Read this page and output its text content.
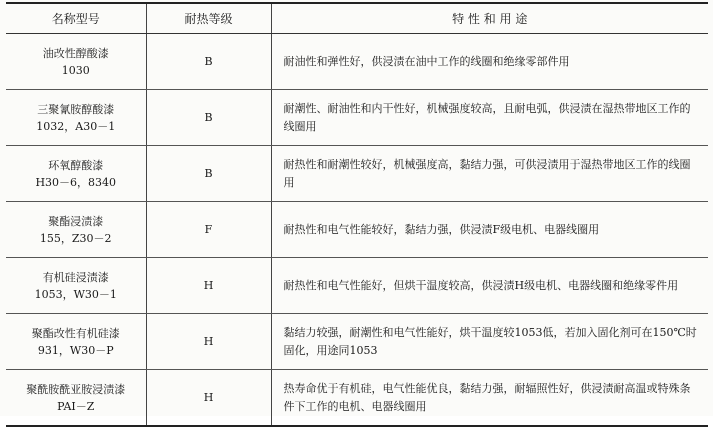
名称型号	耐热等级	特 性 和 用 途

油改性醇酸漆
1030	B	耐油性和弹性好，供浸渍在油中工作的线圈和绝缘零部件用

三聚氰胺醇酸漆
1032，A30－1	B	耐潮性、耐油性和内干性好，机械强度较高，且耐电弧，供浸渍在湿热带地区工作的线圈用

环氧醇酸漆
H30－6，8340	B	耐热性和耐潮性较好，机械强度高，黏结力强，可供浸渍用于湿热带地区工作的线圈用

聚酯浸渍漆
155，Z30－2	F	耐热性和电气性能较好，黏结力强，供浸渍F级电机、电器线圈用

有机硅浸渍漆
1053，W30－1	H	耐热性和电气性能好，但烘干温度较高，供浸渍H级电机、电器线圈和绝缘零件用

聚酯改性有机硅漆
931，W30－P	H	黏结力较强，耐潮性和电气性能好，烘干温度较1053低，若加入固化剂可在150℃时固化，用途同1053

聚酰胺酰亚胺浸渍漆
PAI－Z	H	热寿命优于有机硅，电气性能优良，黏结力强，耐辐照性好，供浸渍耐高温或特殊条件下工作的电机、电器线圈用
